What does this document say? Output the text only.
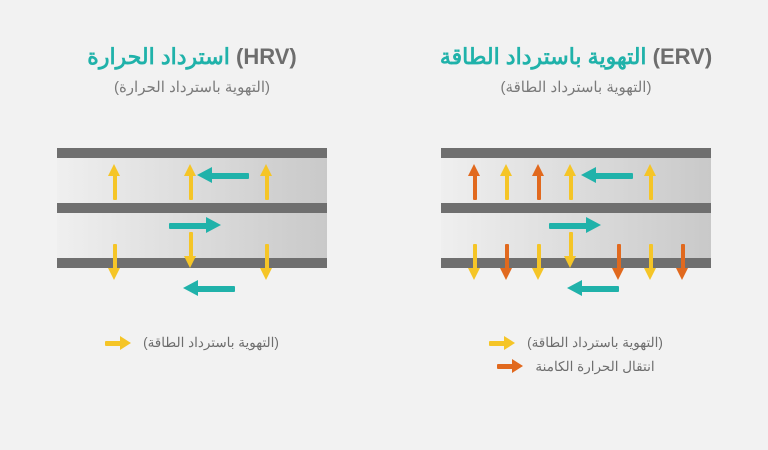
(ERV) التهوية باسترداد الطاقة
(التهوية باسترداد الطاقة)
(التهوية باسترداد الطاقة)
انتقال الحرارة الكامنة
(HRV) استرداد الحرارة
(التهوية باسترداد الحرارة)
(التهوية باسترداد الطاقة)
